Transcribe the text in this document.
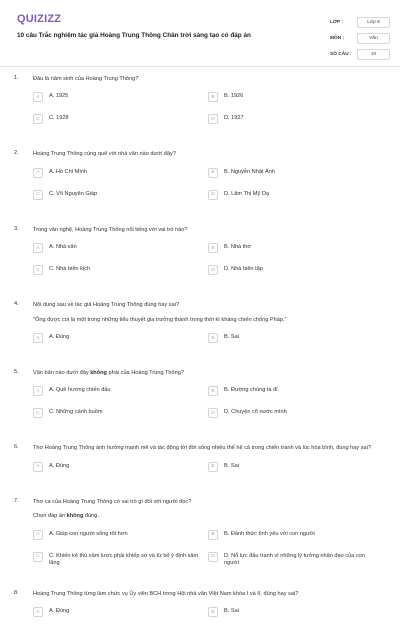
QUIZIZZ
10 câu Trắc nghiệm tác giả Hoàng Trung Thông Chân trời sáng tạo có đáp án
LỚP :	Lớp 6
MÔN :	Văn
SỐ CÂU :	10
1.	Đâu là năm sinh của Hoàng Trung Thông?
A	A. 1925	B	B. 1926
C	C. 1928	D	D. 1927
2.	Hoàng Trung Thông cùng quê với nhà văn nào dưới đây?
A	A. Hồ Chí Minh	B	B. Nguyễn Nhật Ánh
C	C. Võ Nguyên Giáp	D	D. Lâm Thị Mỹ Dạ
3.	Trong văn nghệ, Hoàng Trung Thông nổi tiếng với vai trò nào?
A	A. Nhà văn	B	B. Nhà thơ
C	C. Nhà biên kịch	D	D. Nhà biên tập
4.	Nội dung sau về tác giả Hoàng Trung Thông đúng hay sai?
"Ông được coi là một trong những tiểu thuyết gia trưởng thành trong thời kì kháng chiến chống Pháp."
A	A. Đúng	B	B. Sai
5.	Văn bản nào dưới đây không phải của Hoàng Trung Thông?
A	A. Quê hương chiến đấu	B	B. Đường chúng ta đi
C	C. Những cánh buồm	D	D. Chuyện cổ nước mình
6.	Thơ Hoàng Trung Thông ảnh hưởng mạnh mẽ và tác động tới đời sống nhiều thế hệ cả trong chiến tranh và lúc hòa bình, đúng hay sai?
A	A. Đúng	B	B. Sai
7.	Thơ ca của Hoàng Trung Thông có vai trò gì đối với người đọc?
Chọn đáp án không đúng.
A	A. Giúp con người sống tốt hơn	B	B. Đánh thức tình yêu với con người
C	C. Khiến kẻ thù xâm lược phải khiếp sợ và từ bỏ ý định xâm lăng
D	D. Nỗ lực đấu tranh vì những lý tưởng nhân đạo của con người
8.	Hoàng Trung Thông từng làm chức vụ Ủy viên BCH trong Hội nhà văn Việt Nam khóa I và II, đúng hay sai?
A	A. Đúng	B	B. Sai
